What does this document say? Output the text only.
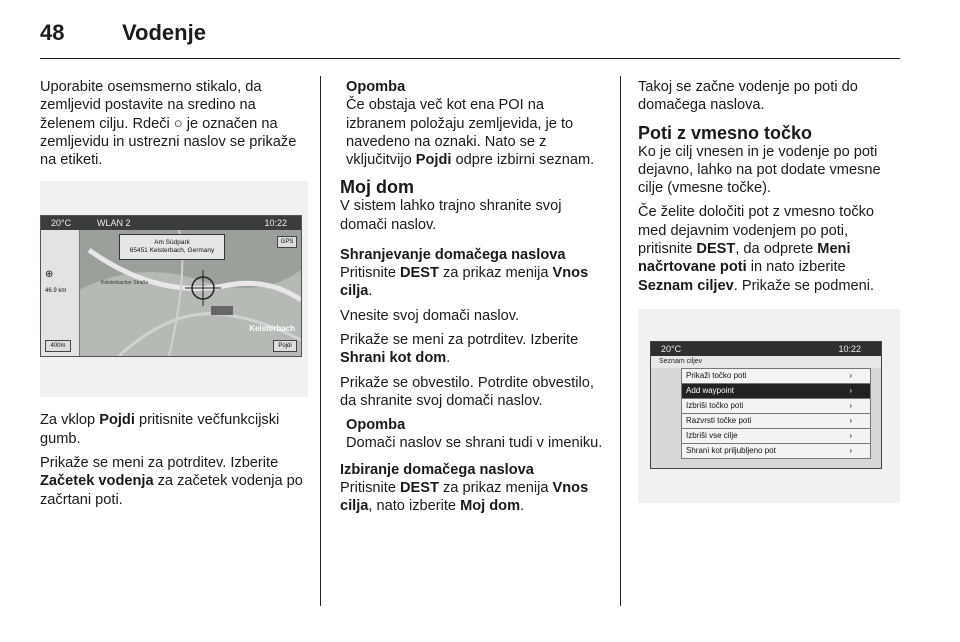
48	Vodenje

Uporabite osemsmerno stikalo, da zemljevid postavite na sredino na želenem cilju. Rdeči ○ je označen na zemljevidu in ustrezni naslov se prikaže na etiketi.

20°C	WLAN 2	10:22
Am Südpark
65451 Kelsterbach, Germany
⊕
46.9 km
GPS
400m	Pojdi
Kelsterbacher Straße
Kelsterbach

Za vklop Pojdi pritisnite večfunkcijski gumb.

Prikaže se meni za potrditev. Izberite Začetek vodenja za začetek vodenja po začrtani poti.

Opomba
Če obstaja več kot ena POI na izbranem položaju zemljevida, je to navedeno na oznaki. Nato se z vključitvijo Pojdi odpre izbirni seznam.
Moj dom

V sistem lahko trajno shranite svoj domači naslov.

Shranjevanje domačega naslova

Pritisnite DEST za prikaz menija Vnos cilja.

Vnesite svoj domači naslov.

Prikaže se meni za potrditev. Izberite Shrani kot dom.

Prikaže se obvestilo. Potrdite obvestilo, da shranite svoj domači naslov.

Opomba
Domači naslov se shrani tudi v imeniku.
Izbiranje domačega naslova

Pritisnite DEST za prikaz menija Vnos cilja, nato izberite Moj dom.

Takoj se začne vodenje po poti do domačega naslova.

Poti z vmesno točko

Ko je cilj vnesen in je vodenje po poti dejavno, lahko na pot dodate vmesne cilje (vmesne točke).

Če želite določiti pot z vmesno točko med dejavnim vodenjem po poti, pritisnite DEST, da odprete Meni načrtovane poti in nato izberite Seznam ciljev. Prikaže se podmeni.

20°C	10:22
Seznam ciljev
Prikaži točko poti	›
Add waypoint	›
Izbriši točko poti	›
Razvrsti točke poti	›
Izbriši vse cilje	›
Shrani kot priljubljeno pot	›
